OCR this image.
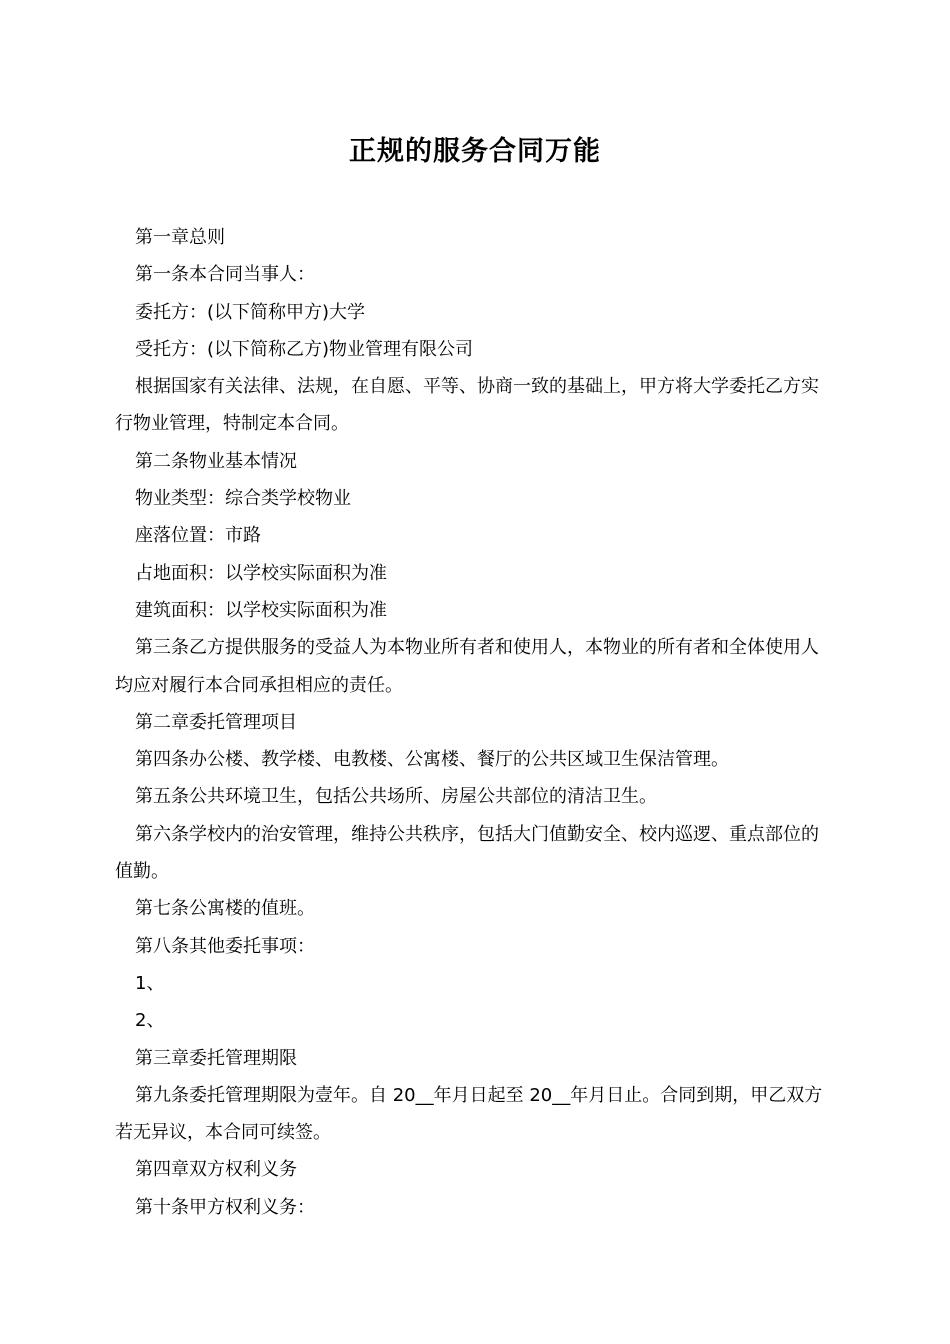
正规的服务合同万能

第一章总则

第一条本合同当事人：

委托方：(以下简称甲方)大学

受托方：(以下简称乙方)物业管理有限公司

根据国家有关法律、法规，在自愿、平等、协商一致的基础上，甲方将大学委托乙方实行物业管理，特制定本合同。

第二条物业基本情况

物业类型：综合类学校物业

座落位置：市路

占地面积：以学校实际面积为准

建筑面积：以学校实际面积为准

第三条乙方提供服务的受益人为本物业所有者和使用人，本物业的所有者和全体使用人均应对履行本合同承担相应的责任。

第二章委托管理项目

第四条办公楼、教学楼、电教楼、公寓楼、餐厅的公共区域卫生保洁管理。

第五条公共环境卫生，包括公共场所、房屋公共部位的清洁卫生。

第六条学校内的治安管理，维持公共秩序，包括大门值勤安全、校内巡逻、重点部位的值勤。

第七条公寓楼的值班。

第八条其他委托事项：

1、

2、

第三章委托管理期限

第九条委托管理期限为壹年。自 20__年月日起至 20__年月日止。合同到期，甲乙双方若无异议，本合同可续签。

第四章双方权利义务

第十条甲方权利义务：
